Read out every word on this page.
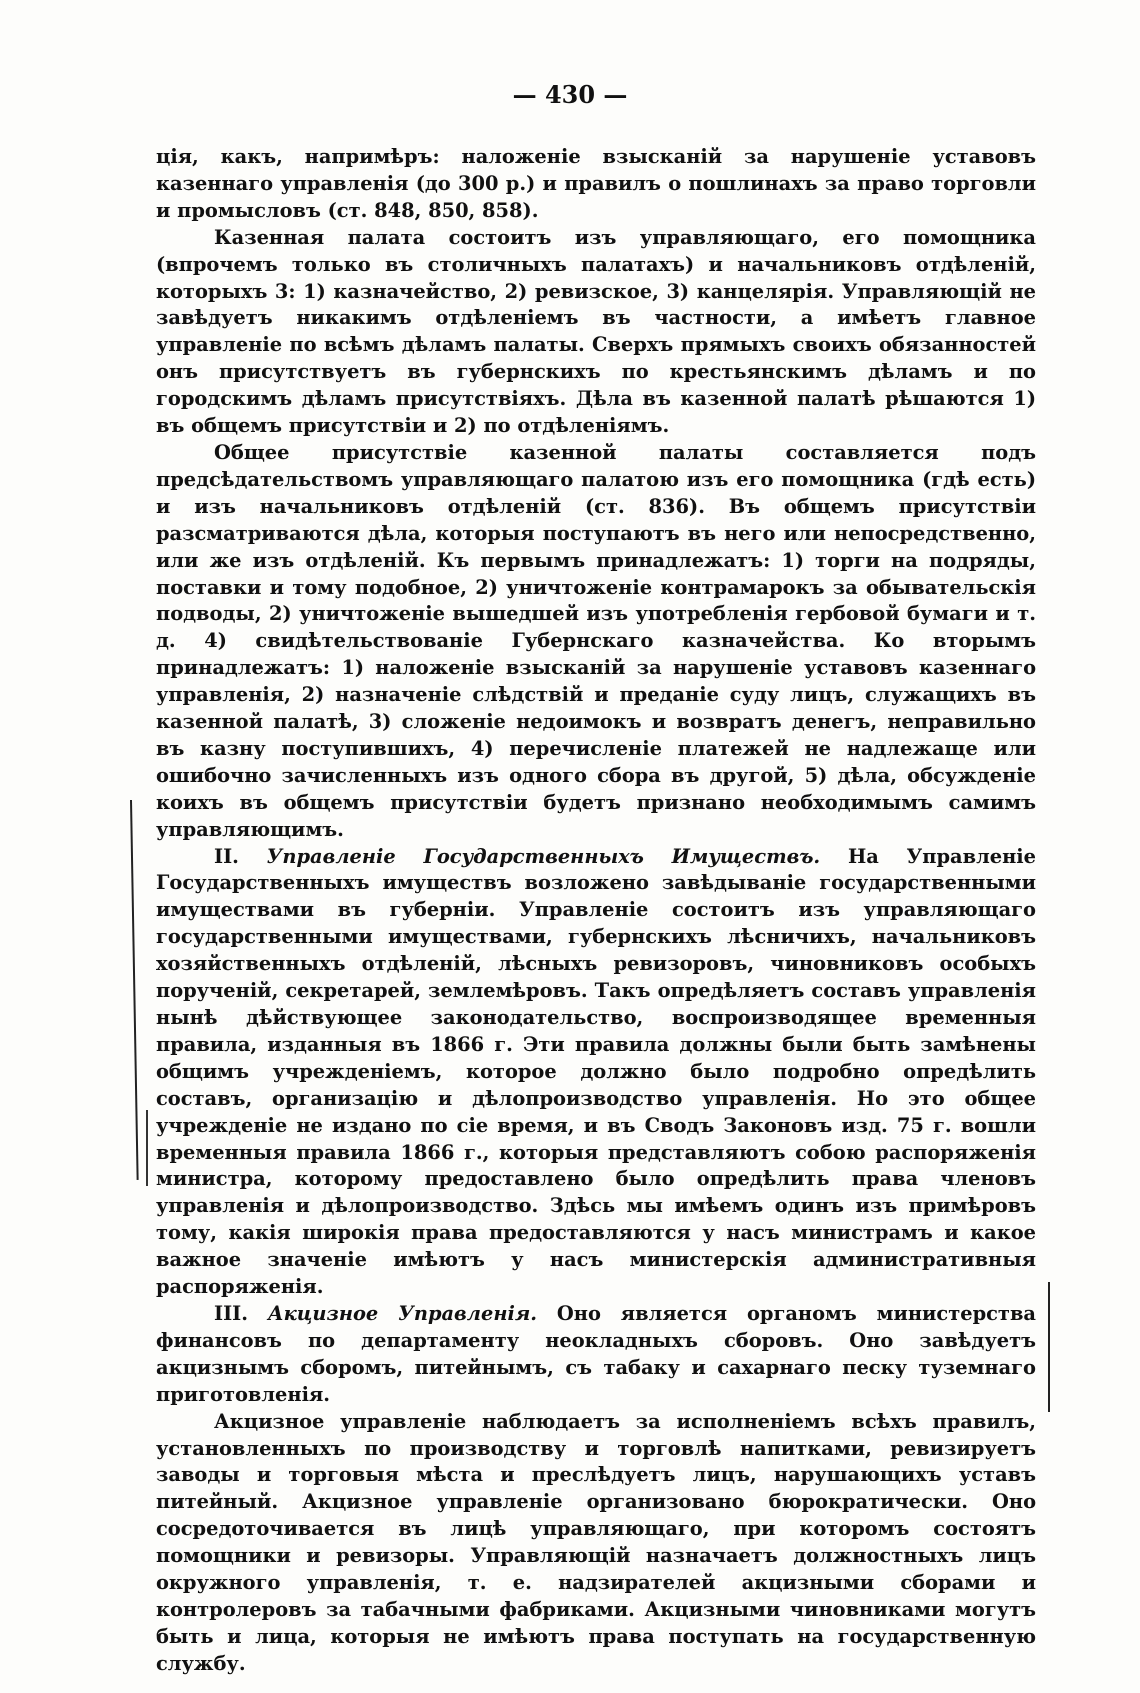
— 430 —

ція, какъ, напримѣръ: наложеніе взысканій за нарушеніе уставовъ казеннаго управленія (до 300 р.) и правилъ о пошлинахъ за право торговли и промысловъ (ст. 848, 850, 858).

Казенная палата состоитъ изъ управляющаго, его помощника (впрочемъ только въ столичныхъ палатахъ) и начальниковъ отдѣленій, которыхъ 3: 1) казначейство, 2) ревизское, 3) канцелярія. Управляющій не завѣдуетъ никакимъ отдѣленіемъ въ частности, а имѣетъ главное управленіе по всѣмъ дѣламъ палаты. Сверхъ прямыхъ своихъ обязанностей онъ присутствуетъ въ губернскихъ по крестьянскимъ дѣламъ и по городскимъ дѣламъ присутствіяхъ. Дѣла въ казенной палатѣ рѣшаются 1) въ общемъ присутствіи и 2) по отдѣленіямъ.

Общее присутствіе казенной палаты составляется подъ предсѣдательствомъ управляющаго палатою изъ его помощника (гдѣ есть) и изъ начальниковъ отдѣленій (ст. 836). Въ общемъ присутствіи разсматриваются дѣла, которыя поступаютъ въ него или непосредственно, или же изъ отдѣленій. Къ первымъ принадлежатъ: 1) торги на подряды, поставки и тому подобное, 2) уничтоженіе контрамарокъ за обывательскія подводы, 2) уничтоженіе вышедшей изъ употребленія гербовой бумаги и т. д. 4) свидѣтельствованіе Губернскаго казначейства. Ко вторымъ принадлежатъ: 1) наложеніе взысканій за нарушеніе уставовъ казеннаго управленія, 2) назначеніе слѣдствій и преданіе суду лицъ, служащихъ въ казенной палатѣ, 3) сложеніе недоимокъ и возвратъ денегъ, неправильно въ казну поступившихъ, 4) перечисленіе платежей не надлежаще или ошибочно зачисленныхъ изъ одного сбора въ другой, 5) дѣла, обсужденіе коихъ въ общемъ присутствіи будетъ признано необходимымъ самимъ управляющимъ.

II. Управленіе Государственныхъ Имуществъ. На Управленіе Государственныхъ имуществъ возложено завѣдываніе государственными имуществами въ губерніи. Управленіе состоитъ изъ управляющаго государственными имуществами, губернскихъ лѣсничихъ, начальниковъ хозяйственныхъ отдѣленій, лѣсныхъ ревизоровъ, чиновниковъ особыхъ порученій, секретарей, землемѣровъ. Такъ опредѣляетъ составъ управленія нынѣ дѣйствующее законодательство, воспроизводящее временныя правила, изданныя въ 1866 г. Эти правила должны были быть замѣнены общимъ учрежденіемъ, которое должно было подробно опредѣлить составъ, организацію и дѣлопроизводство управленія. Но это общее учрежденіе не издано по сіе время, и въ Сводъ Законовъ изд. 75 г. вошли временныя правила 1866 г., которыя представляютъ собою распоряженія министра, которому предоставлено было опредѣлить права членовъ управленія и дѣлопроизводство. Здѣсь мы имѣемъ одинъ изъ примѣровъ тому, какія широкія права предоставляются у насъ министрамъ и какое важное значеніе имѣютъ у насъ министерскія административныя распоряженія.

III. Акцизное Управленія. Оно является органомъ министерства финансовъ по департаменту неокладныхъ сборовъ. Оно завѣдуетъ акцизнымъ сборомъ, питейнымъ, съ табаку и сахарнаго песку туземнаго приготовленія.

Акцизное управленіе наблюдаетъ за исполненіемъ всѣхъ правилъ, установленныхъ по производству и торговлѣ напитками, ревизируетъ заводы и торговыя мѣста и преслѣдуетъ лицъ, нарушающихъ уставъ питейный. Акцизное управленіе организовано бюрократически. Оно сосредоточивается въ лицѣ управляющаго, при которомъ состоятъ помощники и ревизоры. Управляющій назначаетъ должностныхъ лицъ окружного управленія, т. е. надзирателей акцизными сборами и контролеровъ за табачными фабриками. Акцизными чиновниками могутъ быть и лица, которыя не имѣютъ права поступать на государственную службу.
